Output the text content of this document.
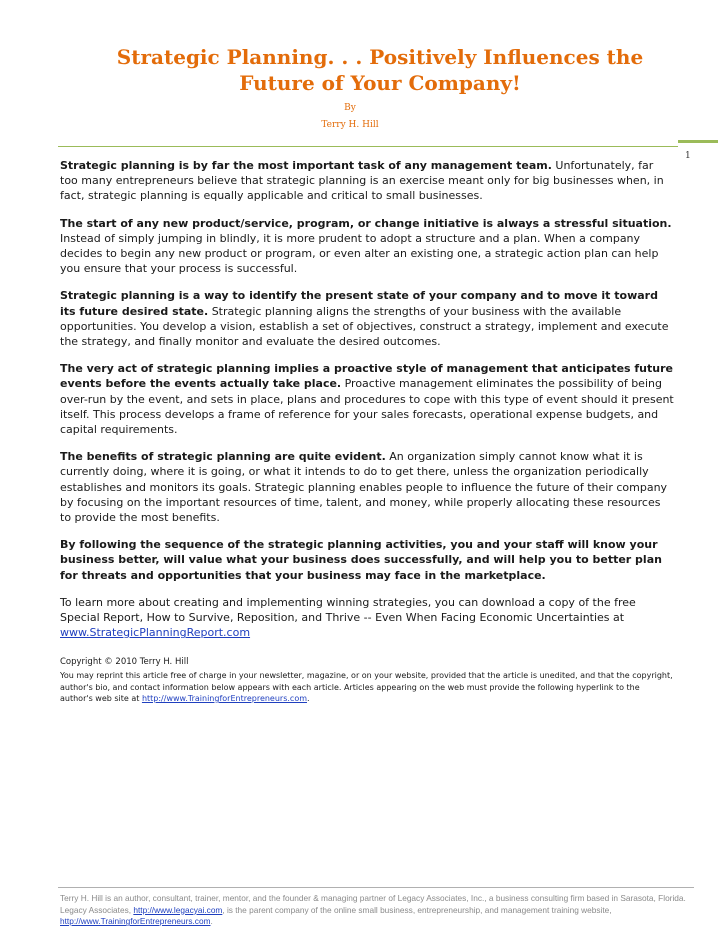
Strategic Planning. . . Positively Influences the
Future of Your Company!
By
Terry H. Hill
1

Strategic planning is by far the most important task of any management team. Unfortunately, far too many entrepreneurs believe that strategic planning is an exercise meant only for big businesses when, in fact, strategic planning is equally applicable and critical to small businesses.

The start of any new product/service, program, or change initiative is always a stressful situation. Instead of simply jumping in blindly, it is more prudent to adopt a structure and a plan. When a company decides to begin any new product or program, or even alter an existing one, a strategic action plan can help you ensure that your process is successful.

Strategic planning is a way to identify the present state of your company and to move it toward its future desired state. Strategic planning aligns the strengths of your business with the available opportunities. You develop a vision, establish a set of objectives, construct a strategy, implement and execute the strategy, and finally monitor and evaluate the desired outcomes.

The very act of strategic planning implies a proactive style of management that anticipates future events before the events actually take place. Proactive management eliminates the possibility of being over-run by the event, and sets in place, plans and procedures to cope with this type of event should it present itself. This process develops a frame of reference for your sales forecasts, operational expense budgets, and capital requirements.

The benefits of strategic planning are quite evident. An organization simply cannot know what it is currently doing, where it is going, or what it intends to do to get there, unless the organization periodically establishes and monitors its goals. Strategic planning enables people to influence the future of their company by focusing on the important resources of time, talent, and money, while properly allocating these resources to provide the most benefits.

By following the sequence of the strategic planning activities, you and your staff will know your business better, will value what your business does successfully, and will help you to better plan for threats and opportunities that your business may face in the marketplace.

To learn more about creating and implementing winning strategies, you can download a copy of the free Special Report, How to Survive, Reposition, and Thrive -- Even When Facing Economic Uncertainties at
www.StrategicPlanningReport.com

Copyright © 2010 Terry H. Hill
You may reprint this article free of charge in your newsletter, magazine, or on your website, provided that the article is unedited, and that the copyright, author's bio, and contact information below appears with each article. Articles appearing on the web must provide the following hyperlink to the author's web site at http://www.TrainingforEntrepreneurs.com.
Terry H. Hill is an author, consultant, trainer, mentor, and the founder & managing partner of Legacy Associates, Inc., a business consulting firm based in Sarasota, Florida. Legacy Associates, http://www.legacyai.com, is the parent company of the online small business, entrepreneurship, and management training website, http://www.TrainingforEntrepreneurs.com.
